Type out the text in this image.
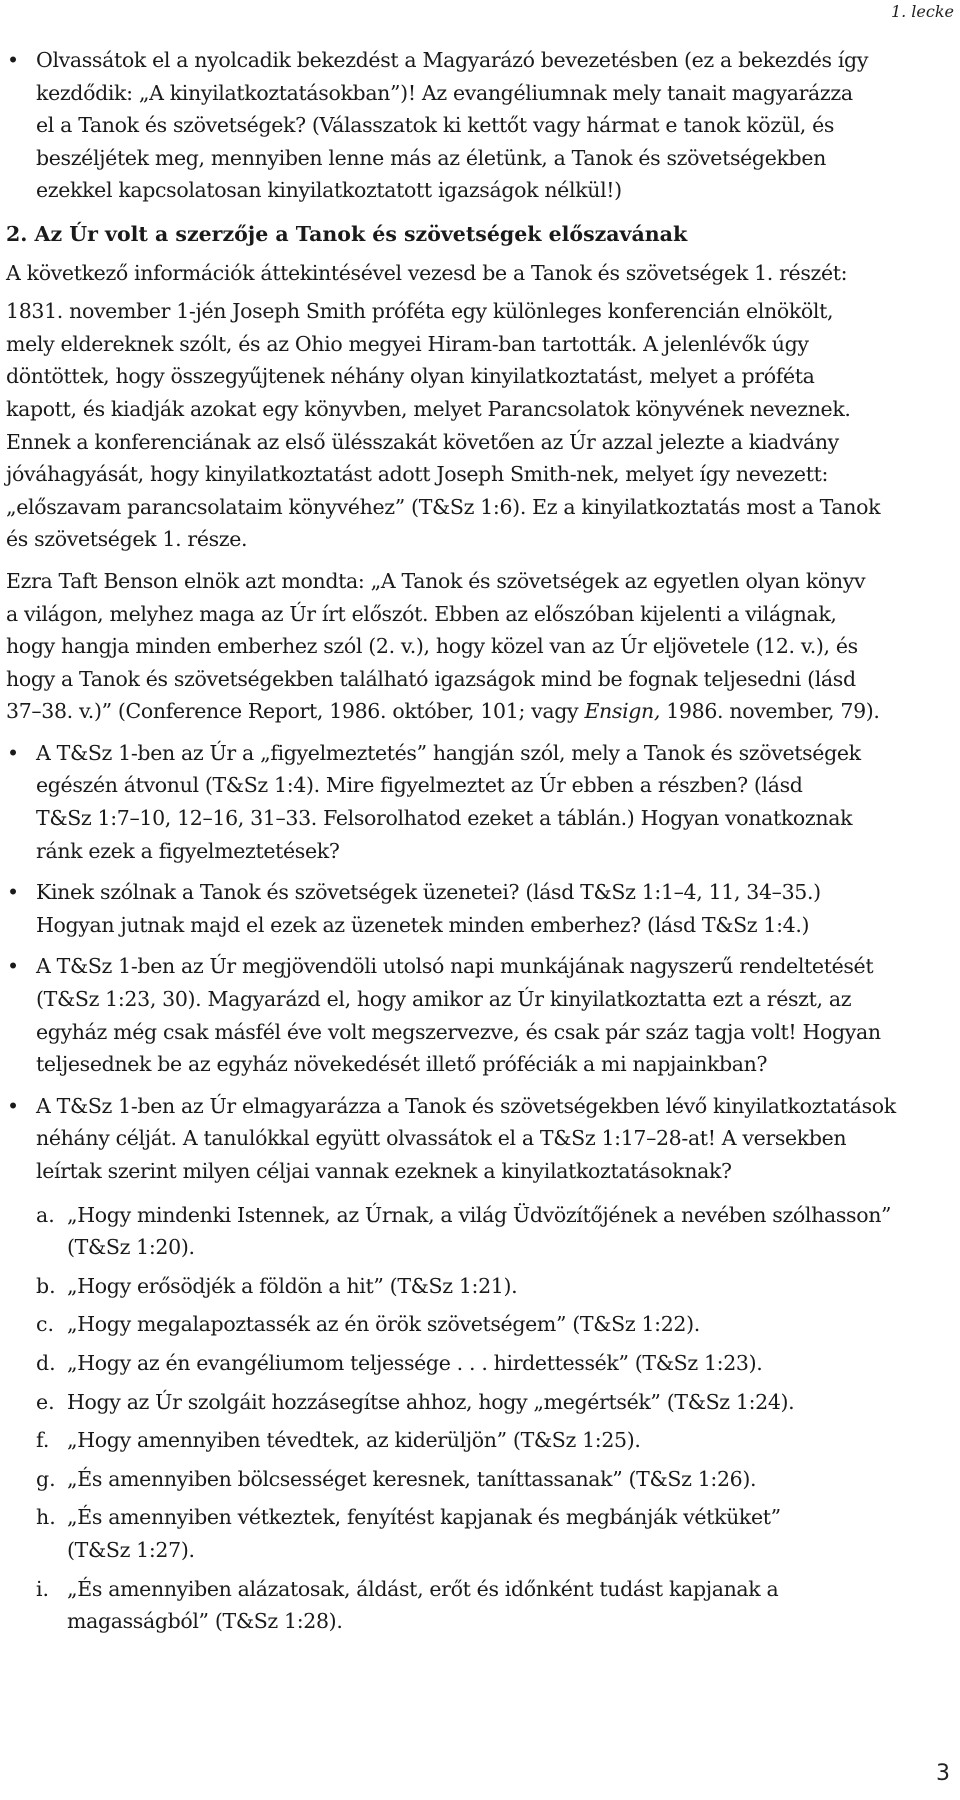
1. lecke
• Olvassátok el a nyolcadik bekezdést a Magyarázó bevezetésben (ez a bekezdés így
kezdődik: „A kinyilatkoztatásokban”)! Az evangéliumnak mely tanait magyarázza
el a Tanok és szövetségek? (Válasszatok ki kettőt vagy hármat e tanok közül, és
beszéljétek meg, mennyiben lenne más az életünk, a Tanok és szövetségekben
ezekkel kapcsolatosan kinyilatkoztatott igazságok nélkül!)
2. Az Úr volt a szerzője a Tanok és szövetségek előszavának
A következő információk áttekintésével vezesd be a Tanok és szövetségek 1. részét:
1831. november 1-jén Joseph Smith próféta egy különleges konferencián elnökölt,
mely eldereknek szólt, és az Ohio megyei Hiram-ban tartották. A jelenlévők úgy
döntöttek, hogy összegyűjtenek néhány olyan kinyilatkoztatást, melyet a próféta
kapott, és kiadják azokat egy könyvben, melyet Parancsolatok könyvének neveznek.
Ennek a konferenciának az első ülésszakát követően az Úr azzal jelezte a kiadvány
jóváhagyását, hogy kinyilatkoztatást adott Joseph Smith-nek, melyet így nevezett:
„előszavam parancsolataim könyvéhez” (T&Sz 1:6). Ez a kinyilatkoztatás most a Tanok
és szövetségek 1. része.
Ezra Taft Benson elnök azt mondta: „A Tanok és szövetségek az egyetlen olyan könyv
a világon, melyhez maga az Úr írt előszót. Ebben az előszóban kijelenti a világnak,
hogy hangja minden emberhez szól (2. v.), hogy közel van az Úr eljövetele (12. v.), és
hogy a Tanok és szövetségekben található igazságok mind be fognak teljesedni (lásd
37–38. v.)” (Conference Report, 1986. október, 101; vagy Ensign, 1986. november, 79).
• A T&Sz 1-ben az Úr a „figyelmeztetés” hangján szól, mely a Tanok és szövetségek
egészén átvonul (T&Sz 1:4). Mire figyelmeztet az Úr ebben a részben? (lásd
T&Sz 1:7–10, 12–16, 31–33. Felsorolhatod ezeket a táblán.) Hogyan vonatkoznak
ránk ezek a figyelmeztetések?
• Kinek szólnak a Tanok és szövetségek üzenetei? (lásd T&Sz 1:1–4, 11, 34–35.)
Hogyan jutnak majd el ezek az üzenetek minden emberhez? (lásd T&Sz 1:4.)
• A T&Sz 1-ben az Úr megjövendöli utolsó napi munkájának nagyszerű rendeltetését
(T&Sz 1:23, 30). Magyarázd el, hogy amikor az Úr kinyilatkoztatta ezt a részt, az
egyház még csak másfél éve volt megszervezve, és csak pár száz tagja volt! Hogyan
teljesednek be az egyház növekedését illető próféciák a mi napjainkban?
• A T&Sz 1-ben az Úr elmagyarázza a Tanok és szövetségekben lévő kinyilatkoztatások
néhány célját. A tanulókkal együtt olvassátok el a T&Sz 1:17–28-at! A versekben
leírtak szerint milyen céljai vannak ezeknek a kinyilatkoztatásoknak?
a. „Hogy mindenki Istennek, az Úrnak, a világ Üdvözítőjének a nevében szólhasson”
(T&Sz 1:20).
b. „Hogy erősödjék a földön a hit” (T&Sz 1:21).
c. „Hogy megalapoztassék az én örök szövetségem” (T&Sz 1:22).
d. „Hogy az én evangéliumom teljessége . . . hirdettessék” (T&Sz 1:23).
e. Hogy az Úr szolgáit hozzásegítse ahhoz, hogy „megértsék” (T&Sz 1:24).
f. „Hogy amennyiben tévedtek, az kiderüljön” (T&Sz 1:25).
g. „És amennyiben bölcsességet keresnek, taníttassanak” (T&Sz 1:26).
h. „És amennyiben vétkeztek, fenyítést kapjanak és megbánják vétküket”
(T&Sz 1:27).
i. „És amennyiben alázatosak, áldást, erőt és időnként tudást kapjanak a
magasságból” (T&Sz 1:28).
3
